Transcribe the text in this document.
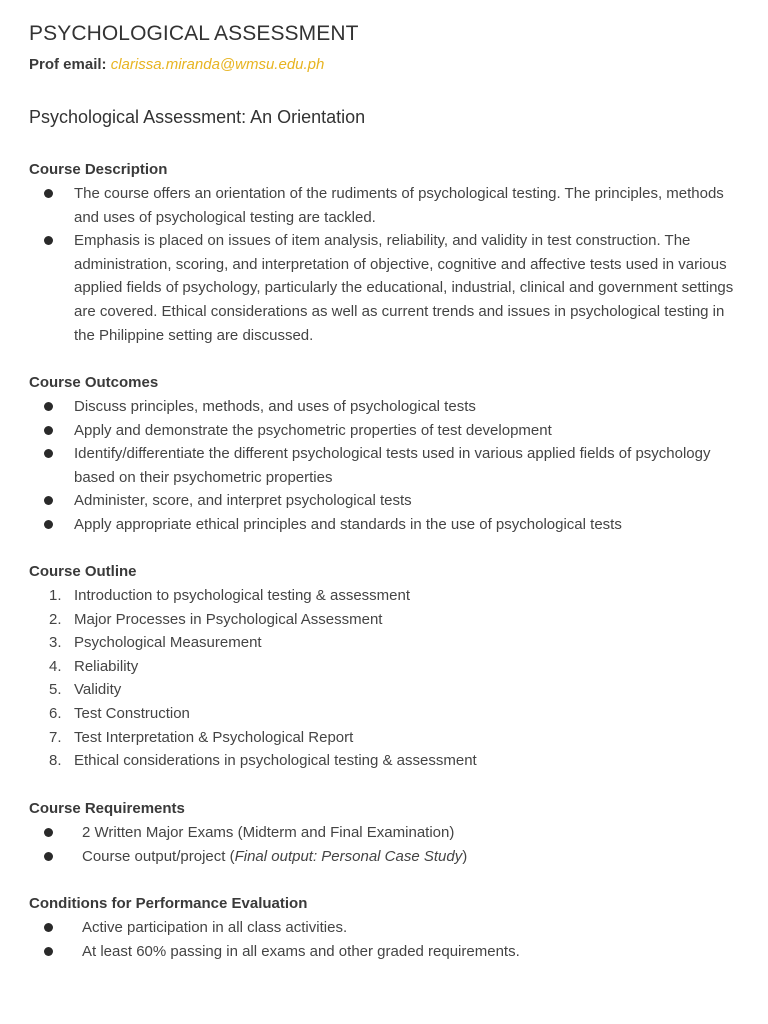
PSYCHOLOGICAL ASSESSMENT
Prof email: clarissa.miranda@wmsu.edu.ph
Psychological Assessment: An Orientation
Course Description
The course offers an orientation of the rudiments of psychological testing. The principles, methods and uses of psychological testing are tackled.
Emphasis is placed on issues of item analysis, reliability, and validity in test construction. The administration, scoring, and interpretation of objective, cognitive and affective tests used in various applied fields of psychology, particularly the educational, industrial, clinical and government settings are covered. Ethical considerations as well as current trends and issues in psychological testing in the Philippine setting are discussed.
Course Outcomes
Discuss principles, methods, and uses of psychological tests
Apply and demonstrate the psychometric properties of test development
Identify/differentiate the different psychological tests used in various applied fields of psychology based on their psychometric properties
Administer, score, and interpret psychological tests
Apply appropriate ethical principles and standards in the use of psychological tests
Course Outline
1. Introduction to psychological testing & assessment
2. Major Processes in Psychological Assessment
3. Psychological Measurement
4. Reliability
5. Validity
6. Test Construction
7. Test Interpretation & Psychological Report
8. Ethical considerations in psychological testing & assessment
Course Requirements
2 Written Major Exams (Midterm and Final Examination)
Course output/project (Final output: Personal Case Study)
Conditions for Performance Evaluation
Active participation in all class activities.
At least 60% passing in all exams and other graded requirements.
